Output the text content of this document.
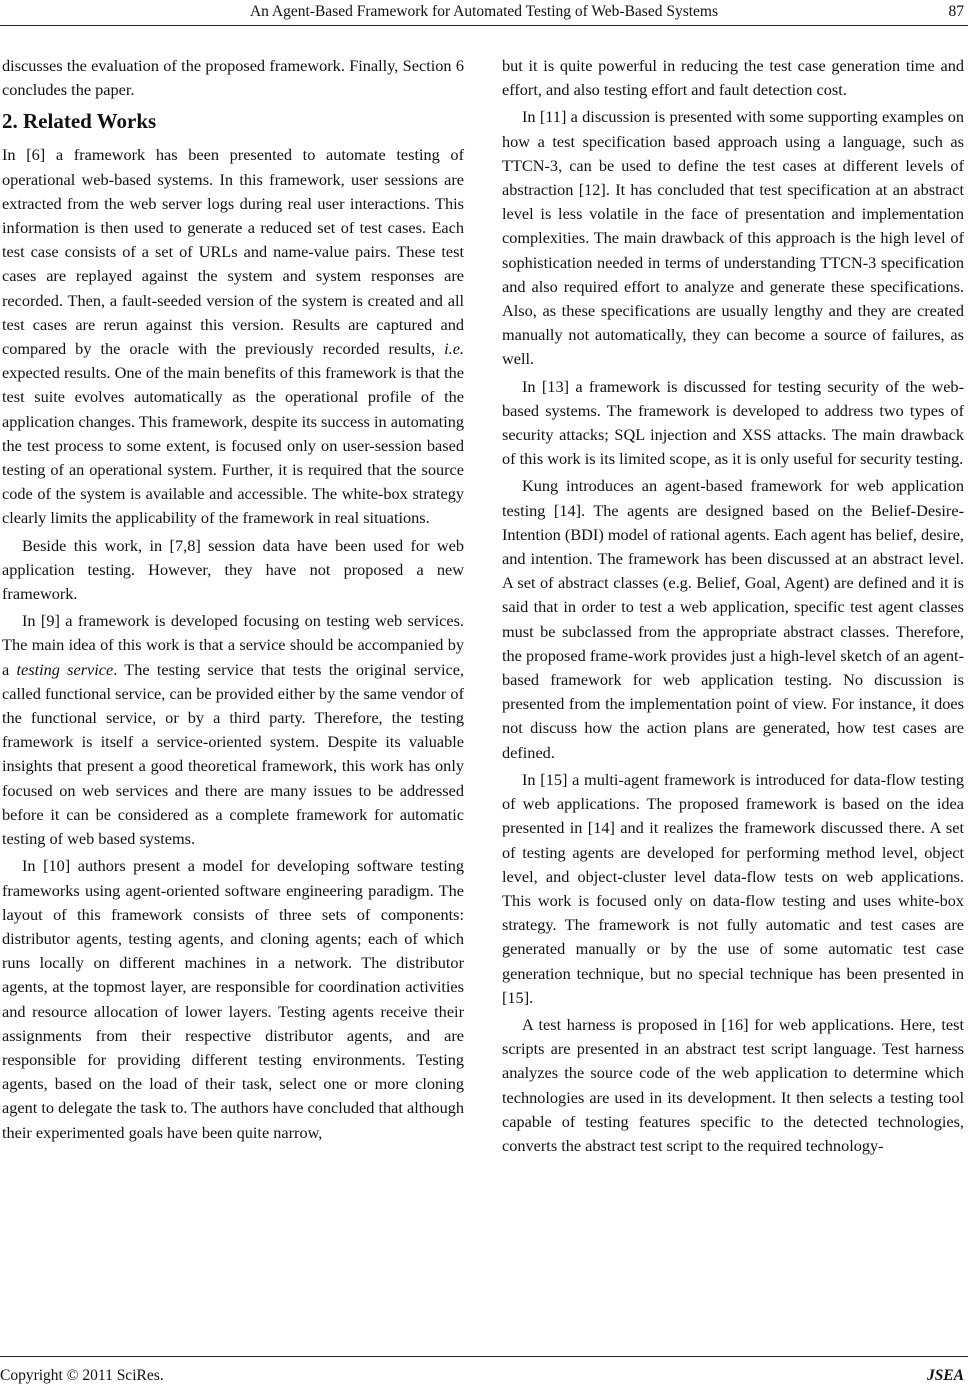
An Agent-Based Framework for Automated Testing of Web-Based Systems	87

discusses the evaluation of the proposed framework. Finally, Section 6 concludes the paper.

2. Related Works

In [6] a framework has been presented to automate testing of operational web-based systems. In this framework, user sessions are extracted from the web server logs during real user interactions. This information is then used to generate a reduced set of test cases. Each test case consists of a set of URLs and name-value pairs. These test cases are replayed against the system and system responses are recorded. Then, a fault-seeded version of the system is created and all test cases are rerun against this version. Results are captured and compared by the oracle with the previously recorded results, i.e. expected results. One of the main benefits of this framework is that the test suite evolves automatically as the operational profile of the application changes. This framework, despite its success in automating the test process to some extent, is focused only on user-session based testing of an operational system. Further, it is required that the source code of the system is available and accessible. The white-box strategy clearly limits the applicability of the framework in real situations.

Beside this work, in [7,8] session data have been used for web application testing. However, they have not proposed a new framework.

In [9] a framework is developed focusing on testing web services. The main idea of this work is that a service should be accompanied by a testing service. The testing service that tests the original service, called functional service, can be provided either by the same vendor of the functional service, or by a third party. Therefore, the testing framework is itself a service-oriented system. Despite its valuable insights that present a good theoretical framework, this work has only focused on web services and there are many issues to be addressed before it can be considered as a complete framework for automatic testing of web based systems.

In [10] authors present a model for developing software testing frameworks using agent-oriented software engineering paradigm. The layout of this framework consists of three sets of components: distributor agents, testing agents, and cloning agents; each of which runs locally on different machines in a network. The distributor agents, at the topmost layer, are responsible for coordination activities and resource allocation of lower layers. Testing agents receive their assignments from their respective distributor agents, and are responsible for providing different testing environments. Testing agents, based on the load of their task, select one or more cloning agent to delegate the task to. The authors have concluded that although their experimented goals have been quite narrow,

but it is quite powerful in reducing the test case generation time and effort, and also testing effort and fault detection cost.

In [11] a discussion is presented with some supporting examples on how a test specification based approach using a language, such as TTCN-3, can be used to define the test cases at different levels of abstraction [12]. It has concluded that test specification at an abstract level is less volatile in the face of presentation and implementation complexities. The main drawback of this approach is the high level of sophistication needed in terms of understanding TTCN-3 specification and also required effort to analyze and generate these specifications. Also, as these specifications are usually lengthy and they are created manually not automatically, they can become a source of failures, as well.

In [13] a framework is discussed for testing security of the web-based systems. The framework is developed to address two types of security attacks; SQL injection and XSS attacks. The main drawback of this work is its limited scope, as it is only useful for security testing.

Kung introduces an agent-based framework for web application testing [14]. The agents are designed based on the Belief-Desire-Intention (BDI) model of rational agents. Each agent has belief, desire, and intention. The framework has been discussed at an abstract level. A set of abstract classes (e.g. Belief, Goal, Agent) are defined and it is said that in order to test a web application, specific test agent classes must be subclassed from the appropriate abstract classes. Therefore, the proposed frame-work provides just a high-level sketch of an agent-based framework for web application testing. No discussion is presented from the implementation point of view. For instance, it does not discuss how the action plans are generated, how test cases are defined.

In [15] a multi-agent framework is introduced for data-flow testing of web applications. The proposed framework is based on the idea presented in [14] and it realizes the framework discussed there. A set of testing agents are developed for performing method level, object level, and object-cluster level data-flow tests on web applications. This work is focused only on data-flow testing and uses white-box strategy. The framework is not fully automatic and test cases are generated manually or by the use of some automatic test case generation technique, but no special technique has been presented in [15].

A test harness is proposed in [16] for web applications. Here, test scripts are presented in an abstract test script language. Test harness analyzes the source code of the web application to determine which technologies are used in its development. It then selects a testing tool capable of testing features specific to the detected technologies, converts the abstract test script to the required technology-

Copyright © 2011 SciRes.	JSEA
